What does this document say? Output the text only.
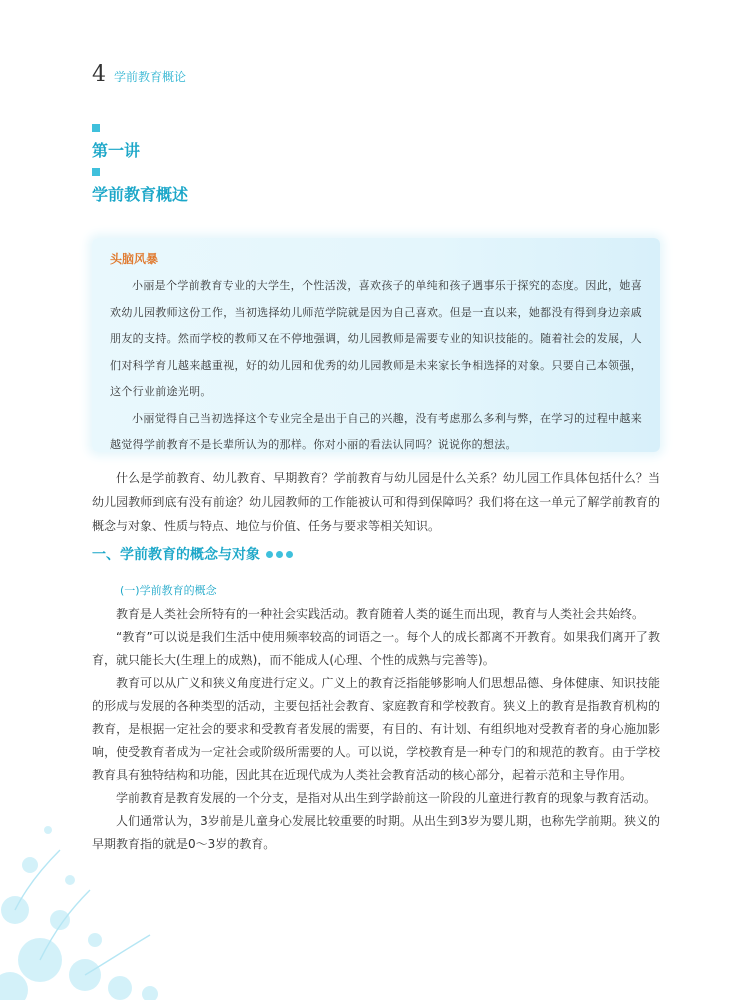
4 学前教育概论
第一讲
学前教育概述
头脑风暴

小丽是个学前教育专业的大学生，个性活泼，喜欢孩子的单纯和孩子遇事乐于探究的态度。因此，她喜欢幼儿园教师这份工作，当初选择幼儿师范学院就是因为自己喜欢。但是一直以来，她都没有得到身边亲戚朋友的支持。然而学校的教师又在不停地强调，幼儿园教师是需要专业的知识技能的。随着社会的发展，人们对科学育儿越来越重视，好的幼儿园和优秀的幼儿园教师是未来家长争相选择的对象。只要自己本领强，这个行业前途光明。

小丽觉得自己当初选择这个专业完全是出于自己的兴趣，没有考虑那么多利与弊，在学习的过程中越来越觉得学前教育不是长辈所认为的那样。你对小丽的看法认同吗？说说你的想法。

什么是学前教育、幼儿教育、早期教育？学前教育与幼儿园是什么关系？幼儿园工作具体包括什么？当幼儿园教师到底有没有前途？幼儿园教师的工作能被认可和得到保障吗？我们将在这一单元了解学前教育的概念与对象、性质与特点、地位与价值、任务与要求等相关知识。

一、学前教育的概念与对象
(一)学前教育的概念

教育是人类社会所特有的一种社会实践活动。教育随着人类的诞生而出现，教育与人类社会共始终。

“教育”可以说是我们生活中使用频率较高的词语之一。每个人的成长都离不开教育。如果我们离开了教育，就只能长大(生理上的成熟)，而不能成人(心理、个性的成熟与完善等)。

教育可以从广义和狭义角度进行定义。广义上的教育泛指能够影响人们思想品德、身体健康、知识技能的形成与发展的各种类型的活动，主要包括社会教育、家庭教育和学校教育。狭义上的教育是指教育机构的教育，是根据一定社会的要求和受教育者发展的需要，有目的、有计划、有组织地对受教育者的身心施加影响，使受教育者成为一定社会或阶级所需要的人。可以说，学校教育是一种专门的和规范的教育。由于学校教育具有独特结构和功能，因此其在近现代成为人类社会教育活动的核心部分，起着示范和主导作用。

学前教育是教育发展的一个分支，是指对从出生到学龄前这一阶段的儿童进行教育的现象与教育活动。

人们通常认为，3岁前是儿童身心发展比较重要的时期。从出生到3岁为婴儿期，也称先学前期。狭义的早期教育指的就是0～3岁的教育。
